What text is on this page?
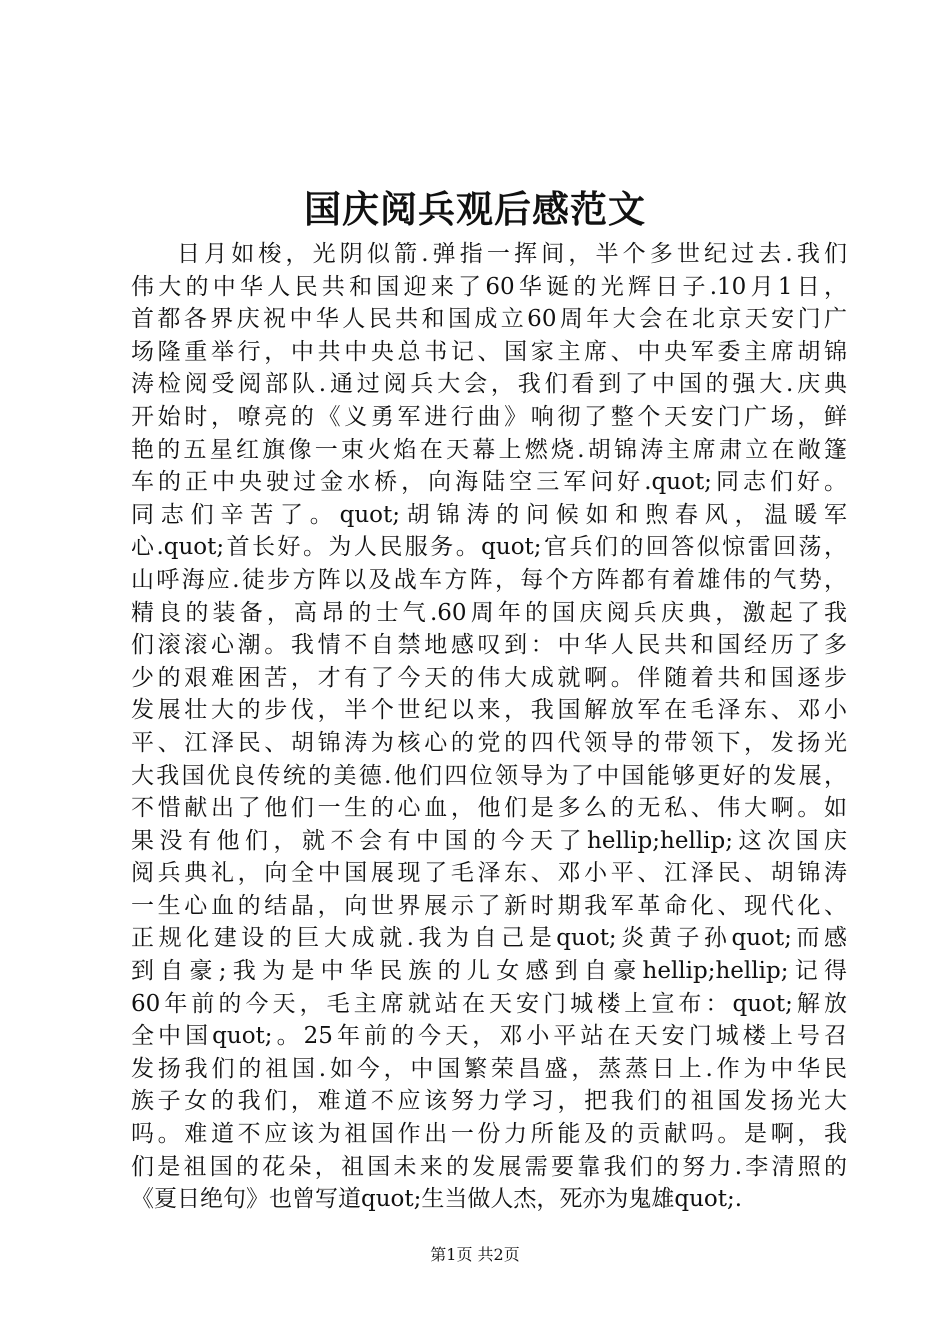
国庆阅兵观后感范文
日月如梭，光阴似箭.弹指一挥间，半个多世纪过去.我们
伟大的中华人民共和国迎来了60华诞的光辉日子.10月1日，
首都各界庆祝中华人民共和国成立60周年大会在北京天安门广
场隆重举行，中共中央总书记、国家主席、中央军委主席胡锦
涛检阅受阅部队.通过阅兵大会，我们看到了中国的强大.庆典
开始时，嘹亮的《义勇军进行曲》响彻了整个天安门广场，鲜
艳的五星红旗像一束火焰在天幕上燃烧.胡锦涛主席肃立在敞篷
车的正中央驶过金水桥，向海陆空三军问好.quot;同志们好。
同志们辛苦了。quot;胡锦涛的问候如和煦春风，温暖军
心.quot;首长好。为人民服务。quot;官兵们的回答似惊雷回荡，
山呼海应.徒步方阵以及战车方阵，每个方阵都有着雄伟的气势，
精良的装备，高昂的士气.60周年的国庆阅兵庆典，激起了我
们滚滚心潮。我情不自禁地感叹到：中华人民共和国经历了多
少的艰难困苦，才有了今天的伟大成就啊。伴随着共和国逐步
发展壮大的步伐，半个世纪以来，我国解放军在毛泽东、邓小
平、江泽民、胡锦涛为核心的党的四代领导的带领下，发扬光
大我国优良传统的美德.他们四位领导为了中国能够更好的发展，
不惜献出了他们一生的心血，他们是多么的无私、伟大啊。如
果没有他们，就不会有中国的今天了hellip;hellip;这次国庆
阅兵典礼，向全中国展现了毛泽东、邓小平、江泽民、胡锦涛
一生心血的结晶，向世界展示了新时期我军革命化、现代化、
正规化建设的巨大成就.我为自己是quot;炎黄子孙quot;而感
到自豪;我为是中华民族的儿女感到自豪hellip;hellip;记得
60年前的今天，毛主席就站在天安门城楼上宣布：quot;解放
全中国quot;。25年前的今天，邓小平站在天安门城楼上号召
发扬我们的祖国.如今，中国繁荣昌盛，蒸蒸日上.作为中华民
族子女的我们，难道不应该努力学习，把我们的祖国发扬光大
吗。难道不应该为祖国作出一份力所能及的贡献吗。是啊，我
们是祖国的花朵，祖国未来的发展需要靠我们的努力.李清照的
《夏日绝句》也曾写道quot;生当做人杰，死亦为鬼雄quot;.
第1页 共2页
